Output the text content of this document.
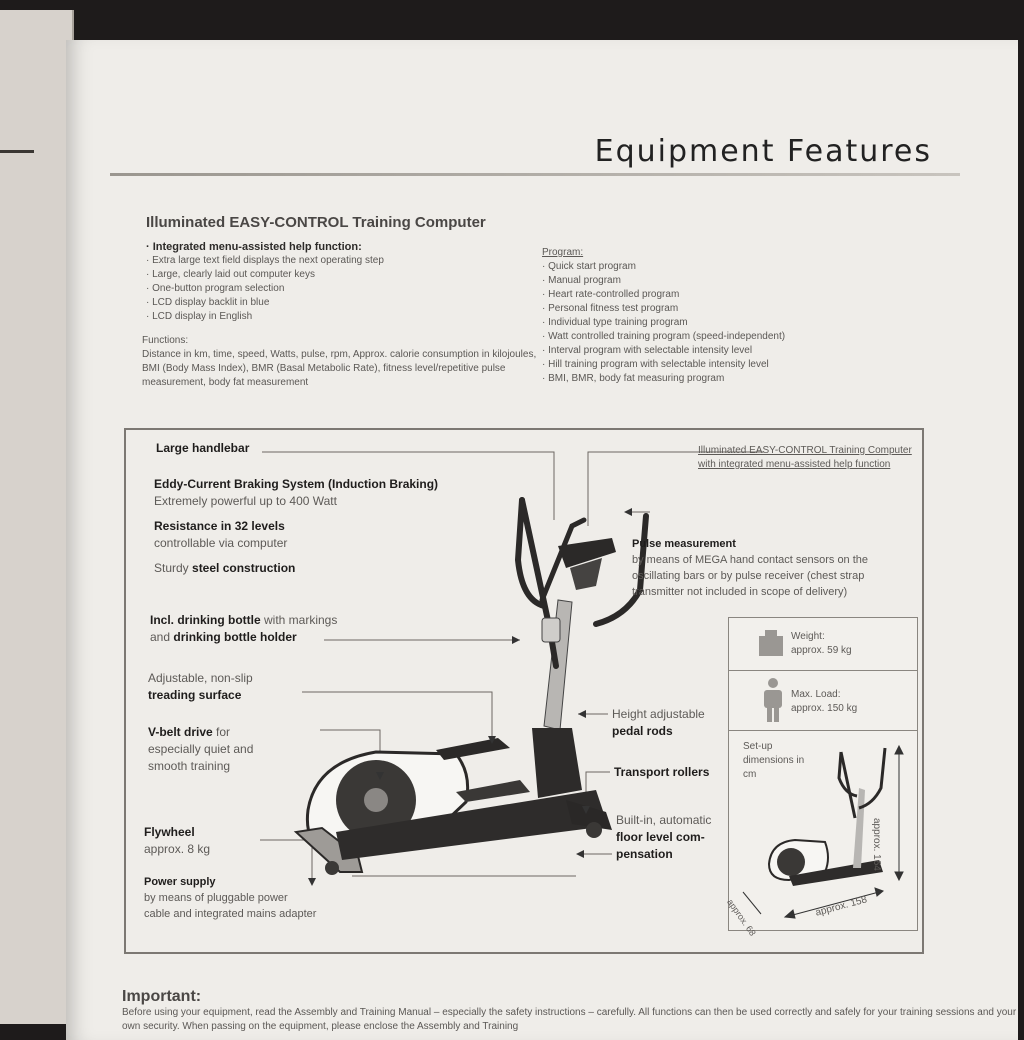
Equipment Features
Illuminated EASY-CONTROL Training Computer

· Integrated menu-assisted help function:

· Extra large text field displays the next operating step

· Large, clearly laid out computer keys

· One-button program selection

· LCD display backlit in blue

· LCD display in English

Functions:

Distance in km, time, speed, Watts, pulse, rpm, Approx. calorie consumption in kilojoules, BMI (Body Mass Index), BMR (Basal Metabolic Rate), fitness level/repetitive pulse measurement, body fat measurement

Program:

· Quick start program

· Manual program

· Heart rate-controlled program

· Personal fitness test program

· Individual type training program

· Watt controlled training program (speed-independent)

· Interval program with selectable intensity level

· Hill training program with selectable intensity level

· BMI, BMR, body fat measuring program

Large handlebar
Eddy-Current Braking System (Induction Braking)
Extremely powerful up to 400 Watt
Resistance in 32 levels
controllable via computer
Sturdy steel construction
Incl. drinking bottle with markings
and drinking bottle holder
Adjustable, non-slip
treading surface
V-belt drive for
especially quiet and
smooth training
Flywheel
approx. 8 kg
Power supply
by means of pluggable power
cable and integrated mains adapter
Illuminated EASY-CONTROL Training Computer with integrated menu-assisted help function
Pulse measurement
by means of MEGA hand contact sensors on the oscillating bars or by pulse receiver (chest strap transmitter not included in scope of delivery)
Height adjustable
pedal rods
Transport rollers
Built-in, automatic
floor level com-
pensation
Weight:
approx. 59 kg
Max. Load:
approx. 150 kg
Set-up dimensions in cm
approx. 164
approx. 158
approx. 68
Important:
Before using your equipment, read the Assembly and Training Manual – especially the safety instructions – carefully. All functions can then be used correctly and safely for your training sessions and your own security. When passing on the equipment, please enclose the Assembly and Training
